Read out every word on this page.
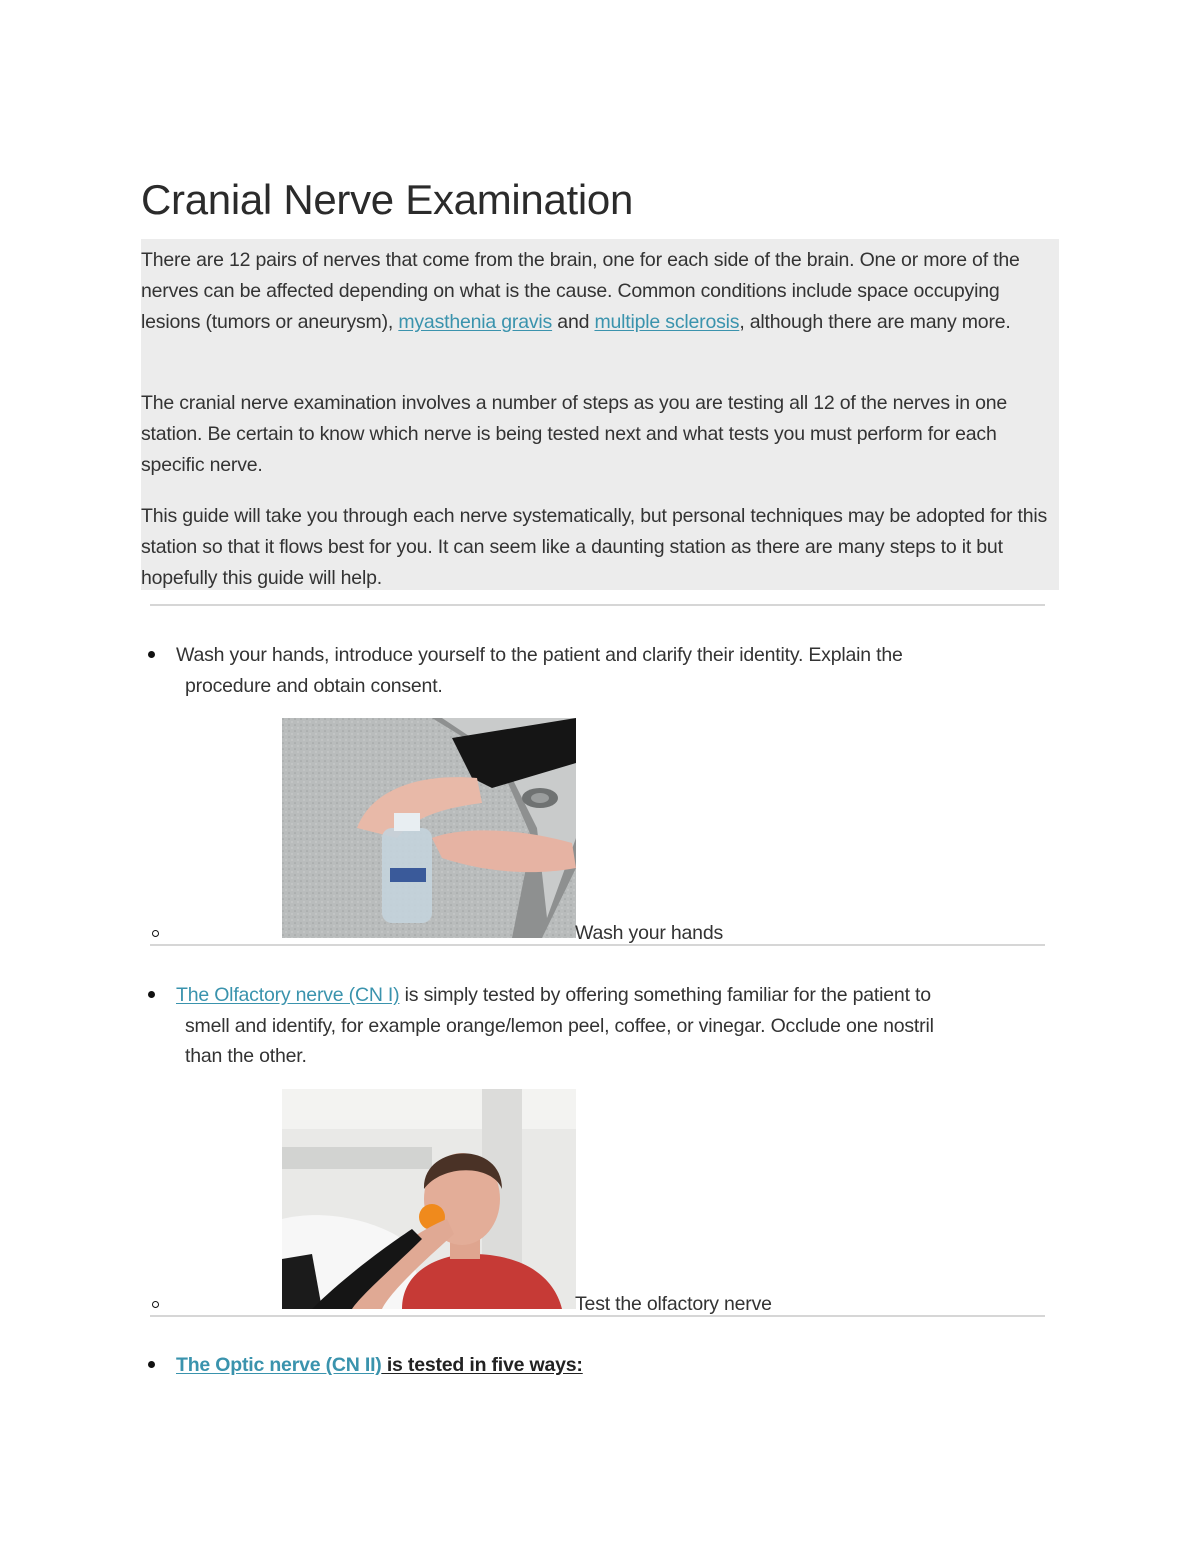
Cranial Nerve Examination

There are 12 pairs of nerves that come from the brain, one for each side of the brain. One or more of the nerves can be affected depending on what is the cause. Common conditions include space occupying lesions (tumors or aneurysm), myasthenia gravis and multiple sclerosis, although there are many more.

The cranial nerve examination involves a number of steps as you are testing all 12 of the nerves in one station. Be certain to know which nerve is being tested next and what tests you must perform for each specific nerve.

This guide will take you through each nerve systematically, but personal techniques may be adopted for this station so that it flows best for you. It can seem like a daunting station as there are many steps to it but hopefully this guide will help.

Wash your hands, introduce yourself to the patient and clarify their identity. Explain the

procedure and obtain consent.

Wash your hands

The Olfactory nerve (CN I) is simply tested by offering something familiar for the patient to

smell and identify, for example orange/lemon peel, coffee, or vinegar. Occlude one nostril

than the other.

Test the olfactory nerve

The Optic nerve (CN II) is tested in five ways:
